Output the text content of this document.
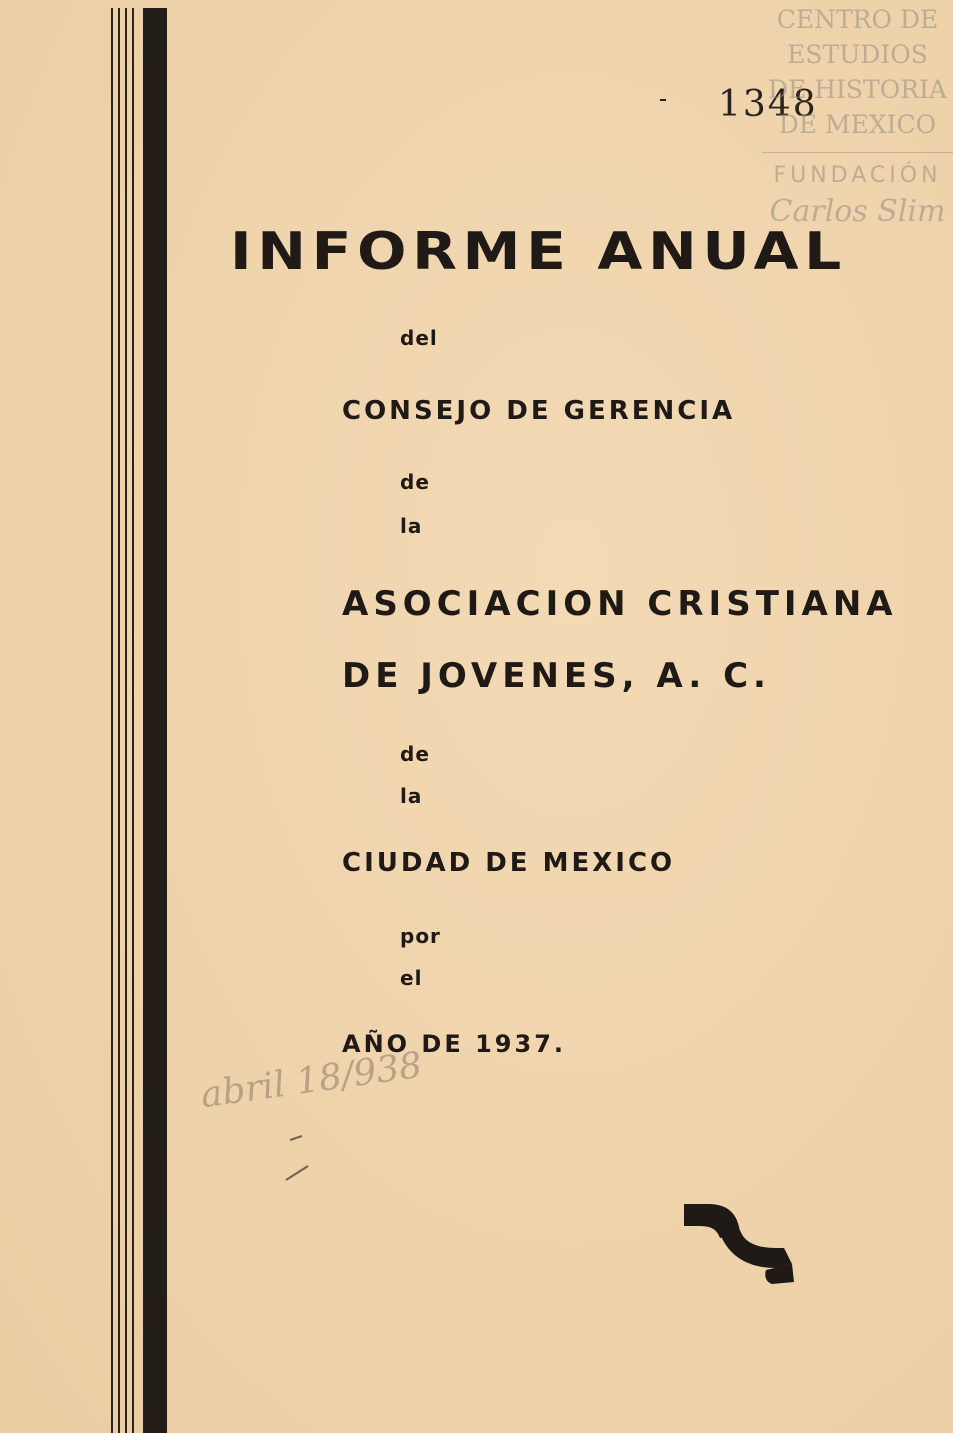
1348

CENTRO DE
ESTUDIOS
DE HISTORIA
DE MEXICO
FUNDACIÓN
Carlos Slim
INFORME ANUAL

del

CONSEJO DE GERENCIA

de

la

ASOCIACION CRISTIANA

DE JOVENES, A. C.

de

la

CIUDAD DE MEXICO

por

el

AÑO DE 1937.

abril 18/938
